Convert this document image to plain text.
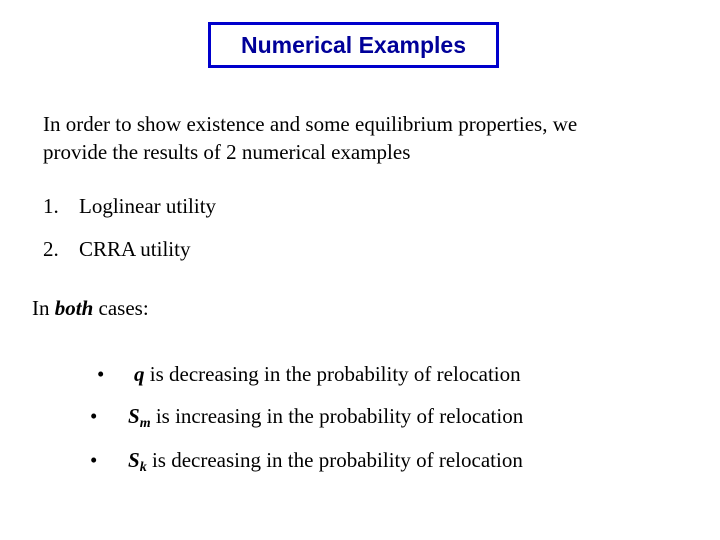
Numerical Examples
In order to show existence and some equilibrium properties, we
provide the results of 2 numerical examples
1. Loglinear utility
2. CRRA utility
In both cases:
• q is decreasing in the probability of relocation
• $S_m$ is increasing in the probability of relocation
• $S_k$ is decreasing in the probability of relocation
